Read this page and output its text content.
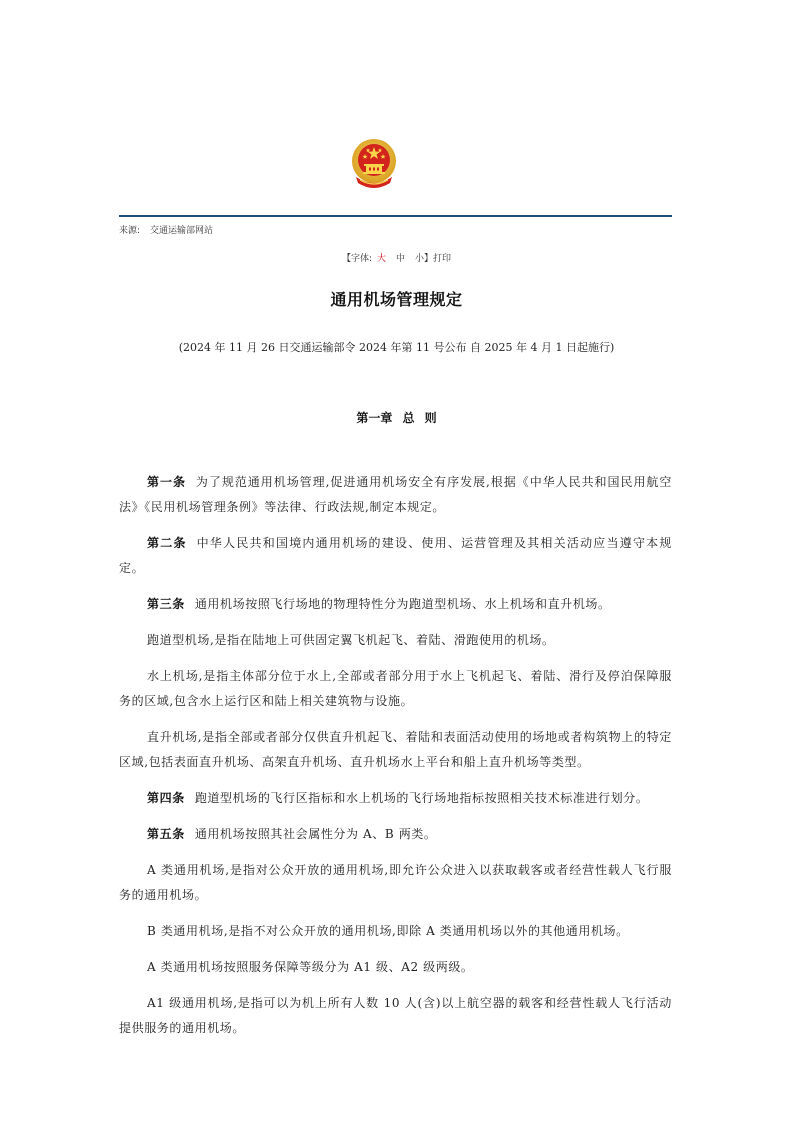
来源: 交通运输部网站
【字体: 大 中 小】打印
通用机场管理规定
(2024 年 11 月 26 日交通运输部令 2024 年第 11 号公布 自 2025 年 4 月 1 日起施行)
第一章 总 则

第一条 为了规范通用机场管理,促进通用机场安全有序发展,根据《中华人民共和国民用航空法》《民用机场管理条例》等法律、行政法规,制定本规定。

第二条 中华人民共和国境内通用机场的建设、使用、运营管理及其相关活动应当遵守本规定。

第三条 通用机场按照飞行场地的物理特性分为跑道型机场、水上机场和直升机场。

跑道型机场,是指在陆地上可供固定翼飞机起飞、着陆、滑跑使用的机场。

水上机场,是指主体部分位于水上,全部或者部分用于水上飞机起飞、着陆、滑行及停泊保障服务的区域,包含水上运行区和陆上相关建筑物与设施。

直升机场,是指全部或者部分仅供直升机起飞、着陆和表面活动使用的场地或者构筑物上的特定区域,包括表面直升机场、高架直升机场、直升机场水上平台和船上直升机场等类型。

第四条 跑道型机场的飞行区指标和水上机场的飞行场地指标按照相关技术标准进行划分。

第五条 通用机场按照其社会属性分为 A、B 两类。

A 类通用机场,是指对公众开放的通用机场,即允许公众进入以获取载客或者经营性载人飞行服务的通用机场。

B 类通用机场,是指不对公众开放的通用机场,即除 A 类通用机场以外的其他通用机场。

A 类通用机场按照服务保障等级分为 A1 级、A2 级两级。

A1 级通用机场,是指可以为机上所有人数 10 人(含)以上航空器的载客和经营性载人飞行活动提供服务的通用机场。
